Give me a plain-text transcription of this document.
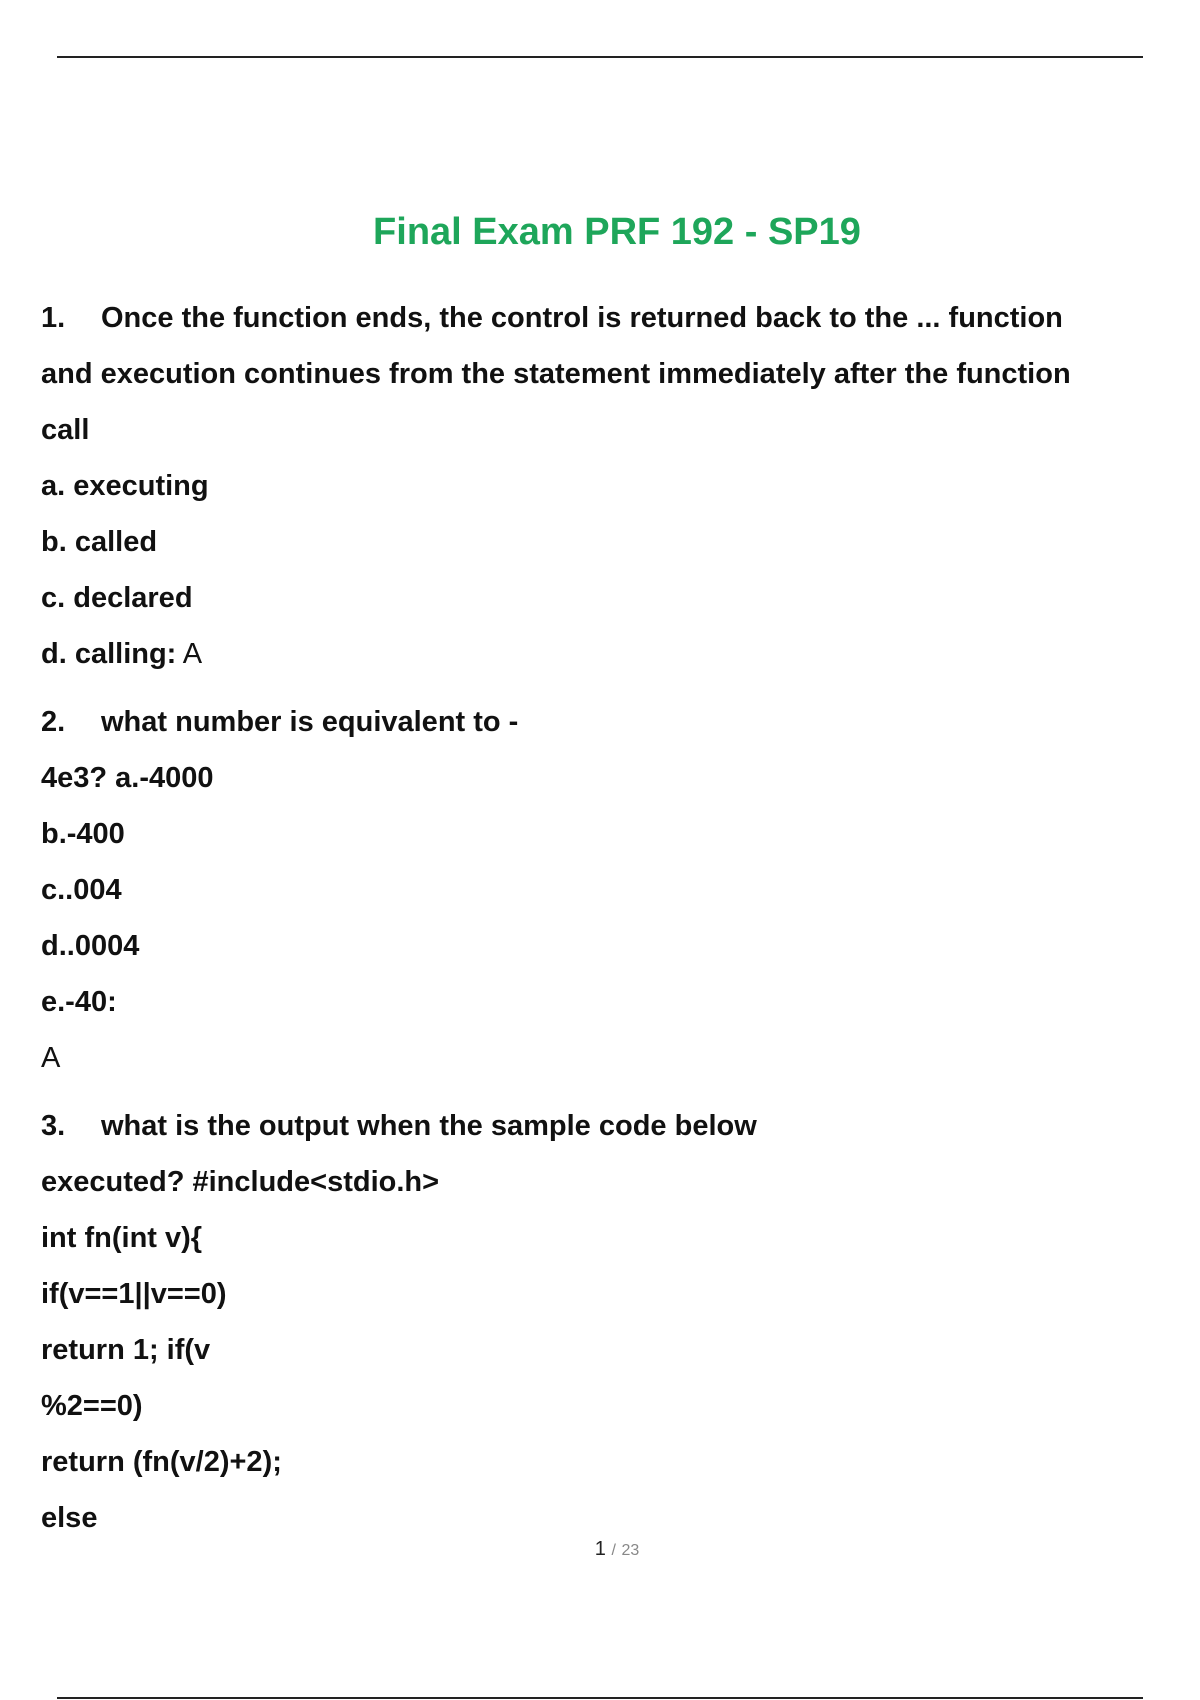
Final Exam PRF 192 - SP19
1. Once the function ends, the control is returned back to the ... function
and execution continues from the statement immediately after the function
call
a. executing
b. called
c. declared
d. calling: A
2. what number is equivalent to -
4e3? a.-4000
b.-400
c..004
d..0004
e.-40:
A
3. what is the output when the sample code below
executed? #include<stdio.h>
int fn(int v){
if(v==1||v==0)
return 1; if(v
%2==0)
return (fn(v/2)+2);
else
1 / 23
